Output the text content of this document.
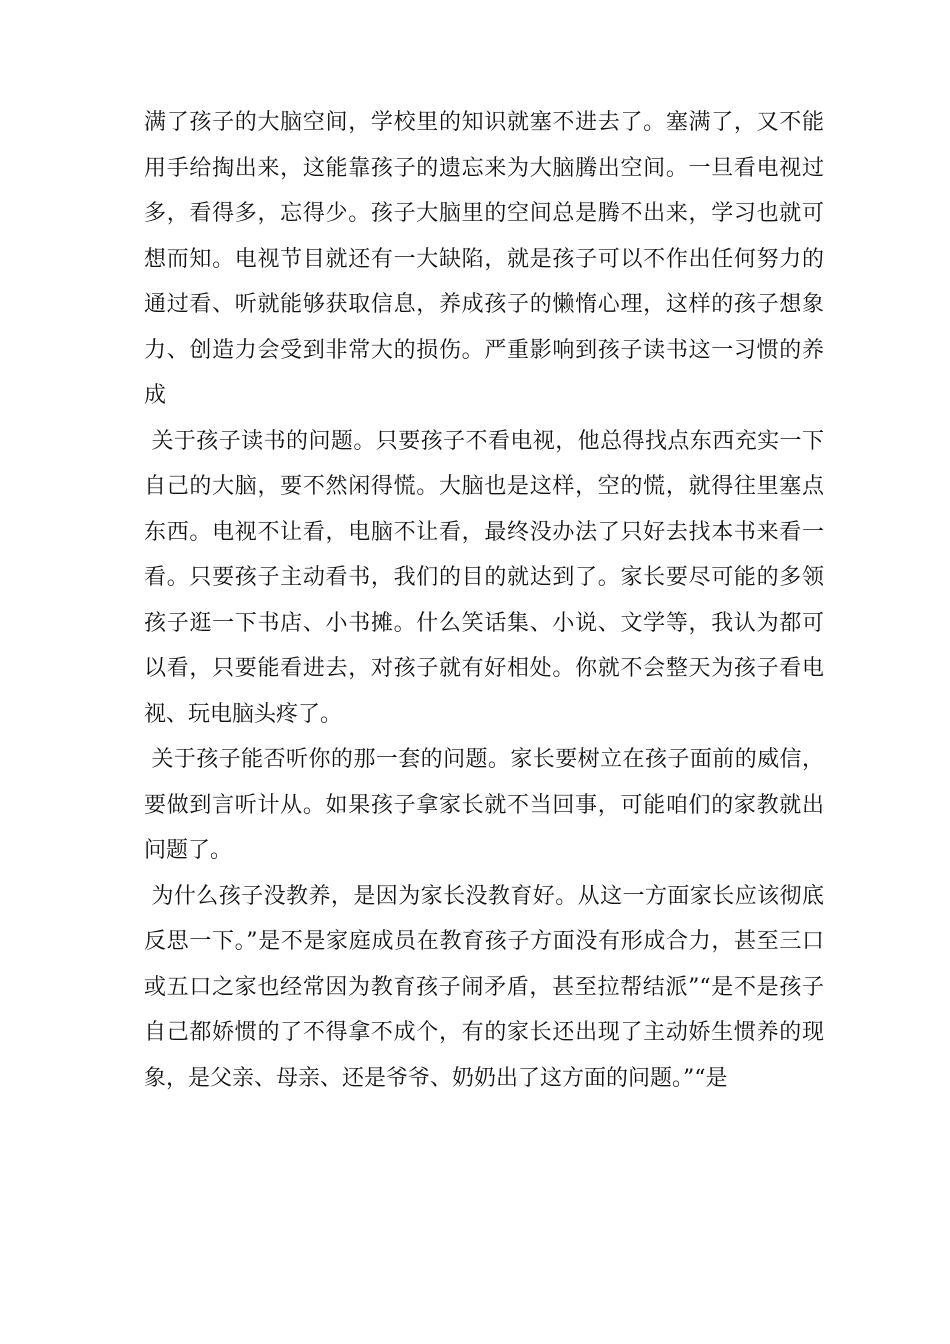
满了孩子的大脑空间，学校里的知识就塞不进去了。塞满了，又不能用手给掏出来，这能靠孩子的遗忘来为大脑腾出空间。一旦看电视过多，看得多，忘得少。孩子大脑里的空间总是腾不出来，学习也就可想而知。电视节目就还有一大缺陷，就是孩子可以不作出任何努力的通过看、听就能够获取信息，养成孩子的懒惰心理，这样的孩子想象力、创造力会受到非常大的损伤。严重影响到孩子读书这一习惯的养成

关于孩子读书的问题。只要孩子不看电视，他总得找点东西充实一下自己的大脑，要不然闲得慌。大脑也是这样，空的慌，就得往里塞点东西。电视不让看，电脑不让看，最终没办法了只好去找本书来看一看。只要孩子主动看书，我们的目的就达到了。家长要尽可能的多领孩子逛一下书店、小书摊。什么笑话集、小说、文学等，我认为都可以看，只要能看进去，对孩子就有好相处。你就不会整天为孩子看电视、玩电脑头疼了。

关于孩子能否听你的那一套的问题。家长要树立在孩子面前的威信，要做到言听计从。如果孩子拿家长就不当回事，可能咱们的家教就出问题了。

为什么孩子没教养，是因为家长没教育好。从这一方面家长应该彻底反思一下。”是不是家庭成员在教育孩子方面没有形成合力，甚至三口或五口之家也经常因为教育孩子闹矛盾，甚至拉帮结派”“是不是孩子自己都娇惯的了不得拿不成个，有的家长还出现了主动娇生惯养的现象，是父亲、母亲、还是爷爷、奶奶出了这方面的问题。”“是
